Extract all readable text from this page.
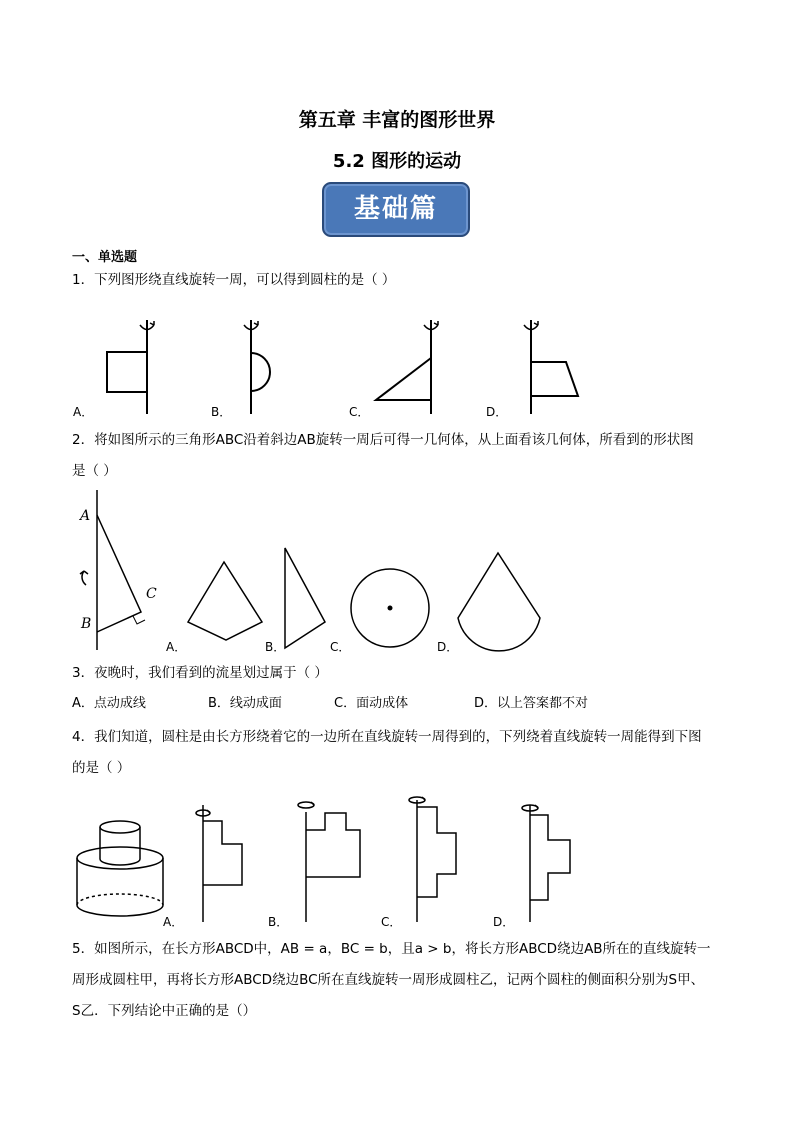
第五章 丰富的图形世界
5.2 图形的运动
基础篇
一、单选题
1．下列图形绕直线旋转一周，可以得到圆柱的是（ ）
A．	B．	C．	D．
2．将如图所示的三角形ABC沿着斜边AB旋转一周后可得一几何体，从上面看该几何体，所看到的形状图
是（ ）
A
B
C
A．	B．	C．	D．
3．夜晚时，我们看到的流星划过属于（ ）
A．点动成线	B．线动成面	C．面动成体	D．以上答案都不对
4．我们知道，圆柱是由长方形绕着它的一边所在直线旋转一周得到的，下列绕着直线旋转一周能得到下图
的是（ ）
A．	B．	C．	D．
5．如图所示，在长方形ABCD中，AB = a，BC = b，且a > b，将长方形ABCD绕边AB所在的直线旋转一
周形成圆柱甲，再将长方形ABCD绕边BC所在直线旋转一周形成圆柱乙，记两个圆柱的侧面积分别为S甲、
S乙．下列结论中正确的是（）
